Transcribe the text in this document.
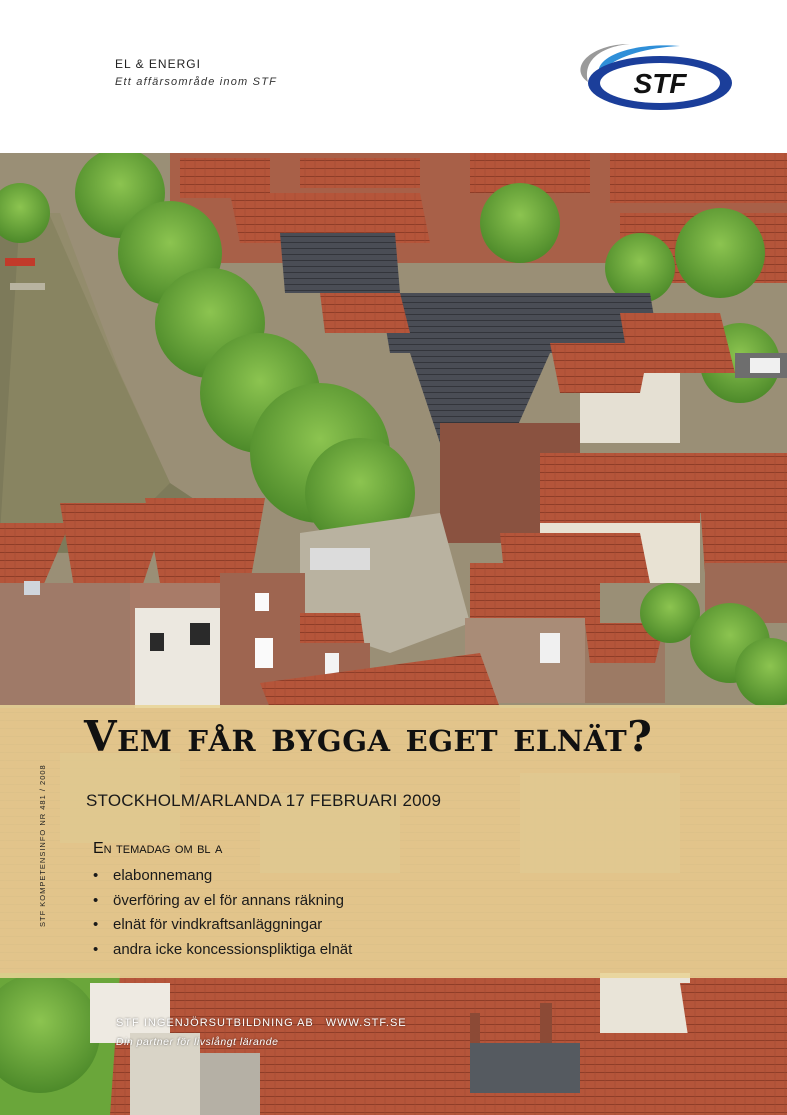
EL & ENERGI
Ett affärsområde inom STF	STF
Vem får bygga eget elnät?
STOCKHOLM/ARLANDA 17 FEBRUARI 2009
En temadag om bl a
• elabonnemang
• överföring av el för annans räkning
• elnät för vindkraftsanläggningar
• andra icke koncessionspliktiga elnät
STF KOMPETENSINFO NR 481 / 2008
STF INGENJÖRSUTBILDNING AB WWW.STF.SE
Din partner för livslångt lärande
